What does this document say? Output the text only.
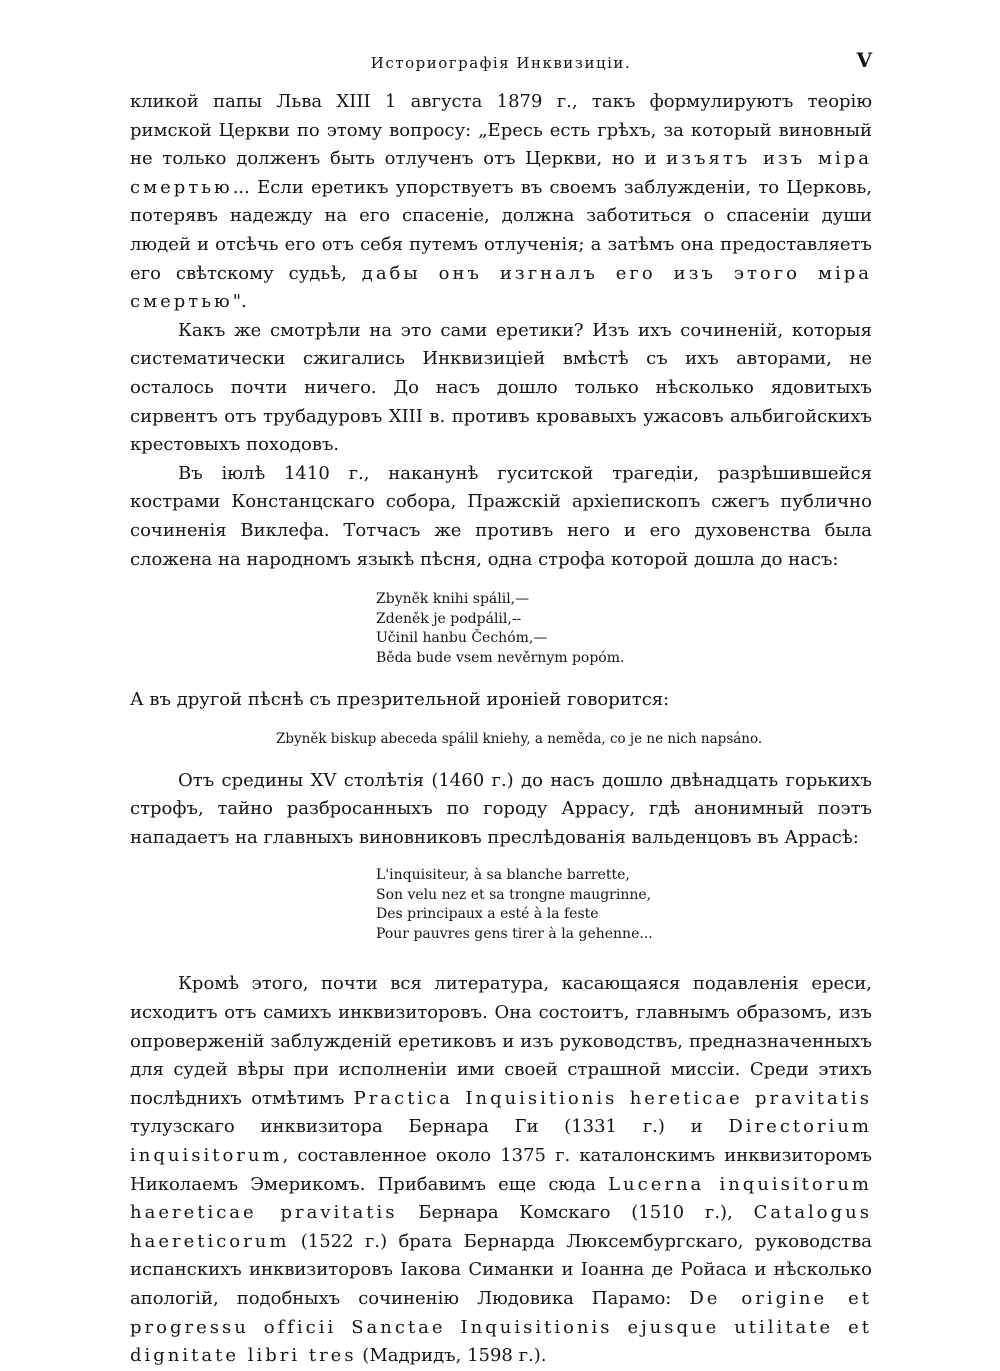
Историографія Инквизиціи.	V

кликой папы Льва XIII 1 августа 1879 г., такъ формулируютъ теорію римской Церкви по этому вопросу: „Ересь есть грѣхъ, за который виновный не только долженъ быть отлученъ отъ Церкви, но и изъятъ изъ міра смертью... Если еретикъ упорствуетъ въ своемъ заблужденіи, то Церковь, потерявъ надежду на его спасеніе, должна заботиться о спасеніи души людей и отсѣчь его отъ себя путемъ отлученія; а затѣмъ она предоставляетъ его свѣтскому судьѣ, дабы онъ изгналъ его изъ этого міра смертью".

Какъ же смотрѣли на это сами еретики? Изъ ихъ сочиненій, которыя систематически сжигались Инквизиціей вмѣстѣ съ ихъ авторами, не осталось почти ничего. До насъ дошло только нѣсколько ядовитыхъ сирвентъ отъ трубадуровъ XIII в. противъ кровавыхъ ужасовъ альбигойскихъ крестовыхъ походовъ.

Въ іюлѣ 1410 г., наканунѣ гуситской трагедіи, разрѣшившейся кострами Констанцскаго собора, Пражскій архіепископъ сжегъ публично сочиненія Виклефа. Тотчасъ же противъ него и его духовенства была сложена на народномъ языкѣ пѣсня, одна строфа которой дошла до насъ:

Zbyněk knihi spálil,—
Zdeněk je podpálil,--
Učinil hanbu Čechóm,—
Běda bude vsem nevěrnym popóm.

А въ другой пѣснѣ съ презрительной ироніей говорится:

Zbyněk biskup abeceda spálil kniehy, a neměda, co je ne nich napsáno.

Отъ средины XV столѣтія (1460 г.) до насъ дошло двѣнадцать горькихъ строфъ, тайно разбросанныхъ по городу Аррасу, гдѣ анонимный поэтъ нападаетъ на главныхъ виновниковъ преслѣдованія вальденцовъ въ Аррасѣ:

L'inquisiteur, à sa blanche barrette,
Son velu nez et sa trongne maugrinne,
Des principaux a esté à la feste
Pour pauvres gens tirer à la gehenne...

Кромѣ этого, почти вся литература, касающаяся подавленія ереси, исходитъ отъ самихъ инквизиторовъ. Она состоитъ, главнымъ образомъ, изъ опроверженій заблужденій еретиковъ и изъ руководствъ, предназначенныхъ для судей вѣры при исполненіи ими своей страшной миссіи. Среди этихъ послѣднихъ отмѣтимъ Practica Inquisitionis hereticae pravitatis тулузскаго инквизитора Бернара Ги (1331 г.) и Directorium inquisitorum, составленное около 1375 г. каталонскимъ инквизиторомъ Николаемъ Эмерикомъ. Прибавимъ еще сюда Lucerna inquisitorum haereticae pravitatis Бернара Комскаго (1510 г.), Catalogus haereticorum (1522 г.) брата Бернарда Люксембургскаго, руководства испанскихъ инквизиторовъ Іакова Симанки и Іоанна де Ройаса и нѣсколько апологій, подобныхъ сочиненію Людовика Парамо: De origine et progressu officii Sanctae Inquisitionis ejusque utilitate et dignitate libri tres (Мадридъ, 1598 г.).
